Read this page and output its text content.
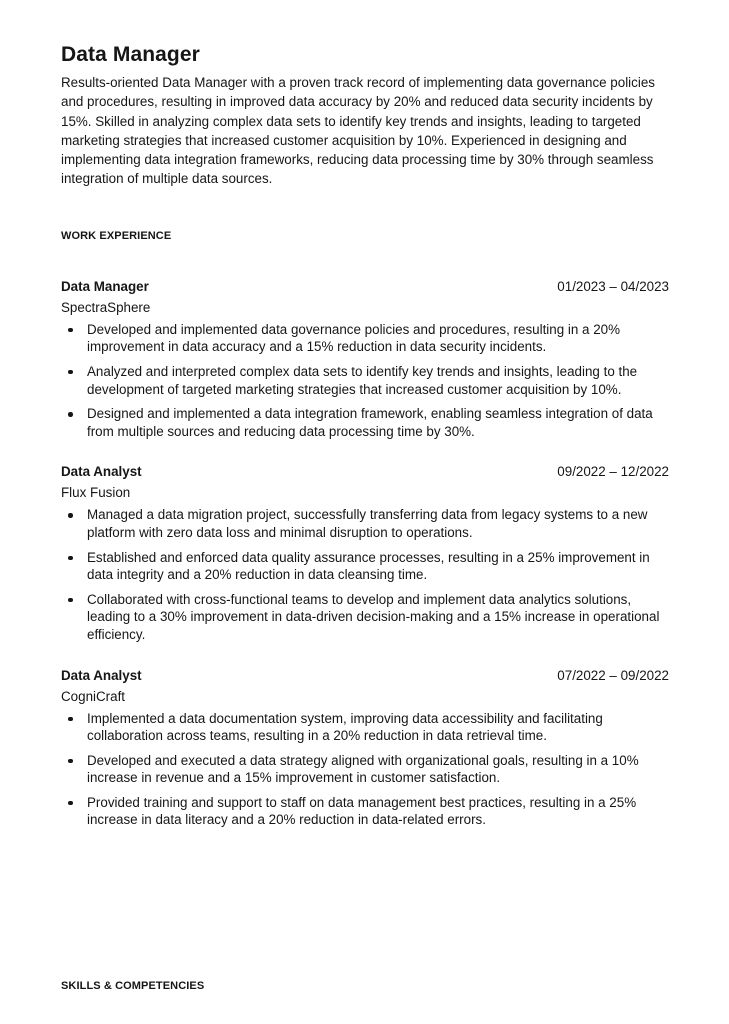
Data Manager

Results-oriented Data Manager with a proven track record of implementing data governance policies and procedures, resulting in improved data accuracy by 20% and reduced data security incidents by 15%. Skilled in analyzing complex data sets to identify key trends and insights, leading to targeted marketing strategies that increased customer acquisition by 10%. Experienced in designing and implementing data integration frameworks, reducing data processing time by 30% through seamless integration of multiple data sources.

WORK EXPERIENCE
Data Manager	01/2023 – 04/2023
SpectraSphere
Developed and implemented data governance policies and procedures, resulting in a 20% improvement in data accuracy and a 15% reduction in data security incidents.
Analyzed and interpreted complex data sets to identify key trends and insights, leading to the development of targeted marketing strategies that increased customer acquisition by 10%.
Designed and implemented a data integration framework, enabling seamless integration of data from multiple sources and reducing data processing time by 30%.
Data Analyst	09/2022 – 12/2022
Flux Fusion
Managed a data migration project, successfully transferring data from legacy systems to a new platform with zero data loss and minimal disruption to operations.
Established and enforced data quality assurance processes, resulting in a 25% improvement in data integrity and a 20% reduction in data cleansing time.
Collaborated with cross-functional teams to develop and implement data analytics solutions, leading to a 30% improvement in data-driven decision-making and a 15% increase in operational efficiency.
Data Analyst	07/2022 – 09/2022
CogniCraft
Implemented a data documentation system, improving data accessibility and facilitating collaboration across teams, resulting in a 20% reduction in data retrieval time.
Developed and executed a data strategy aligned with organizational goals, resulting in a 10% increase in revenue and a 15% improvement in customer satisfaction.
Provided training and support to staff on data management best practices, resulting in a 25% increase in data literacy and a 20% reduction in data-related errors.
SKILLS & COMPETENCIES
